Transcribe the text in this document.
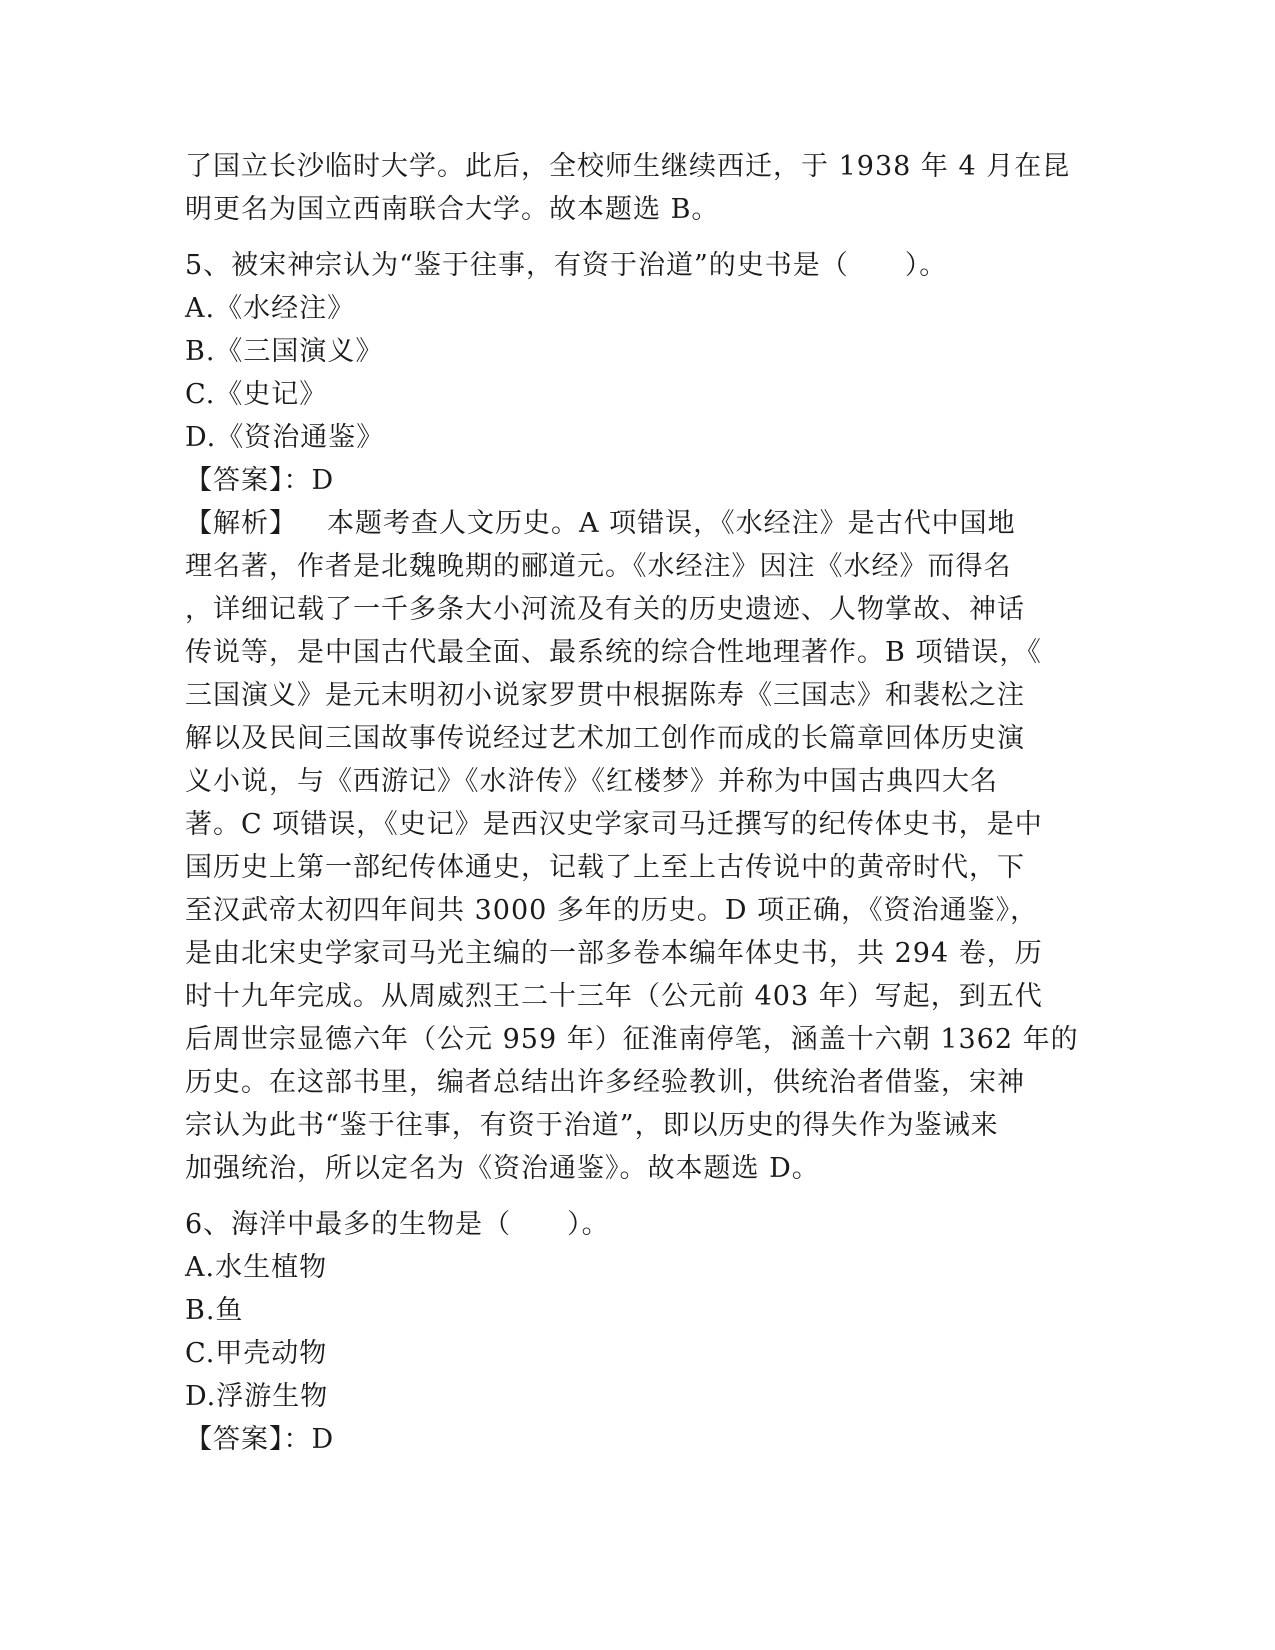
了国立长沙临时大学。此后，全校师生继续西迁，于 1938 年 4 月在昆
明更名为国立西南联合大学。故本题选 B。
5、被宋神宗认为“鉴于往事，有资于治道”的史书是（　　）。
A.《水经注》
B.《三国演义》
C.《史记》
D.《资治通鉴》
【答案】：D
【解析】 本题考查人文历史。A 项错误，《水经注》是古代中国地
理名著，作者是北魏晚期的郦道元。《水经注》因注《水经》而得名
，详细记载了一千多条大小河流及有关的历史遗迹、人物掌故、神话
传说等，是中国古代最全面、最系统的综合性地理著作。B 项错误，《
三国演义》是元末明初小说家罗贯中根据陈寿《三国志》和裴松之注
解以及民间三国故事传说经过艺术加工创作而成的长篇章回体历史演
义小说，与《西游记》《水浒传》《红楼梦》并称为中国古典四大名
著。C 项错误，《史记》是西汉史学家司马迁撰写的纪传体史书，是中
国历史上第一部纪传体通史，记载了上至上古传说中的黄帝时代，下
至汉武帝太初四年间共 3000 多年的历史。D 项正确，《资治通鉴》，
是由北宋史学家司马光主编的一部多卷本编年体史书，共 294 卷，历
时十九年完成。从周威烈王二十三年（公元前 403 年）写起，到五代
后周世宗显德六年（公元 959 年）征淮南停笔，涵盖十六朝 1362 年的
历史。在这部书里，编者总结出许多经验教训，供统治者借鉴，宋神
宗认为此书“鉴于往事，有资于治道”，即以历史的得失作为鉴诫来
加强统治，所以定名为《资治通鉴》。故本题选 D。
6、海洋中最多的生物是（　　）。
A.水生植物
B.鱼
C.甲壳动物
D.浮游生物
【答案】：D
